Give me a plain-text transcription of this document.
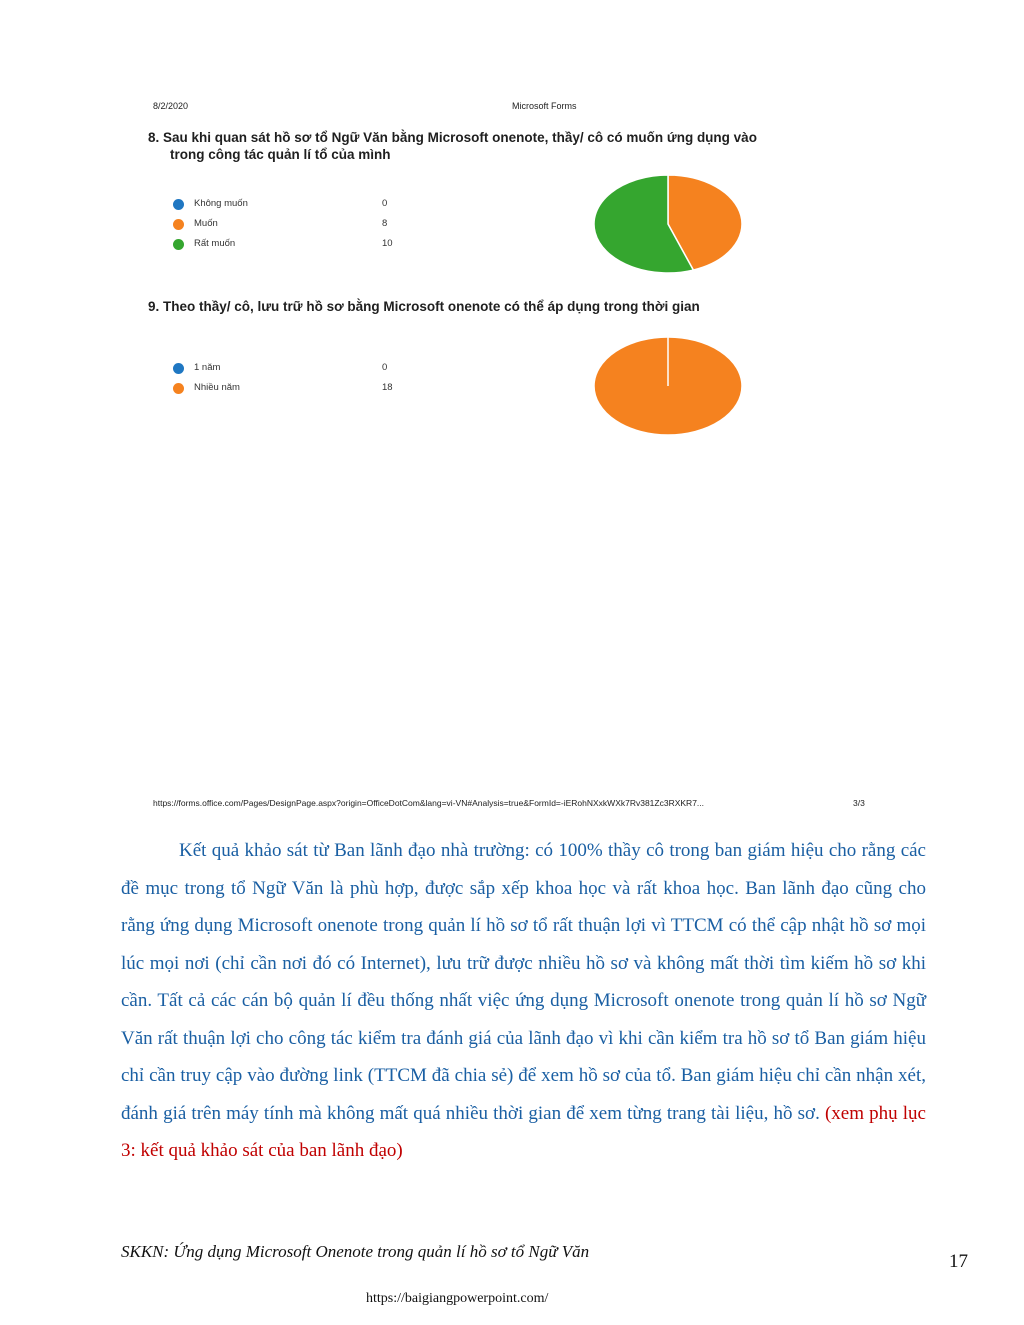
8/2/2020	Microsoft Forms
8. Sau khi quan sát hồ sơ tổ Ngữ Văn bằng Microsoft onenote, thầy/ cô có muốn ứng dụng vào
trong công tác quản lí tổ của mình
Không muốn	0
Muốn	8
Rất muốn	10
9. Theo thầy/ cô, lưu trữ hồ sơ bằng Microsoft onenote có thể áp dụng trong thời gian
1 năm	0
Nhiều năm	18
https://forms.office.com/Pages/DesignPage.aspx?origin=OfficeDotCom&lang=vi-VN#Analysis=true&FormId=-iERohNXxkWXk7Rv381Zc3RXKR7...	3/3
Kết quả khảo sát từ Ban lãnh đạo nhà trường: có 100% thầy cô trong ban giám hiệu cho rằng các đề mục trong tổ Ngữ Văn là phù hợp, được sắp xếp khoa học và rất khoa học. Ban lãnh đạo cũng cho rằng ứng dụng Microsoft onenote trong quản lí hồ sơ tổ rất thuận lợi vì TTCM có thể cập nhật hồ sơ mọi lúc mọi nơi (chỉ cần nơi đó có Internet), lưu trữ được nhiều hồ sơ và không mất thời tìm kiếm hồ sơ khi cần. Tất cả các cán bộ quản lí đều thống nhất việc ứng dụng Microsoft onenote trong quản lí hồ sơ Ngữ Văn rất thuận lợi cho công tác kiểm tra đánh giá của lãnh đạo vì khi cần kiểm tra hồ sơ tổ Ban giám hiệu chỉ cần truy cập vào đường link (TTCM đã chia sẻ) để xem hồ sơ của tổ. Ban giám hiệu chỉ cần nhận xét, đánh giá trên máy tính mà không mất quá nhiều thời gian để xem từng trang tài liệu, hồ sơ. (xem phụ lục 3: kết quả khảo sát của ban lãnh đạo)
SKKN: Ứng dụng Microsoft Onenote trong quản lí hồ sơ tổ Ngữ Văn	17
https://baigiangpowerpoint.com/
